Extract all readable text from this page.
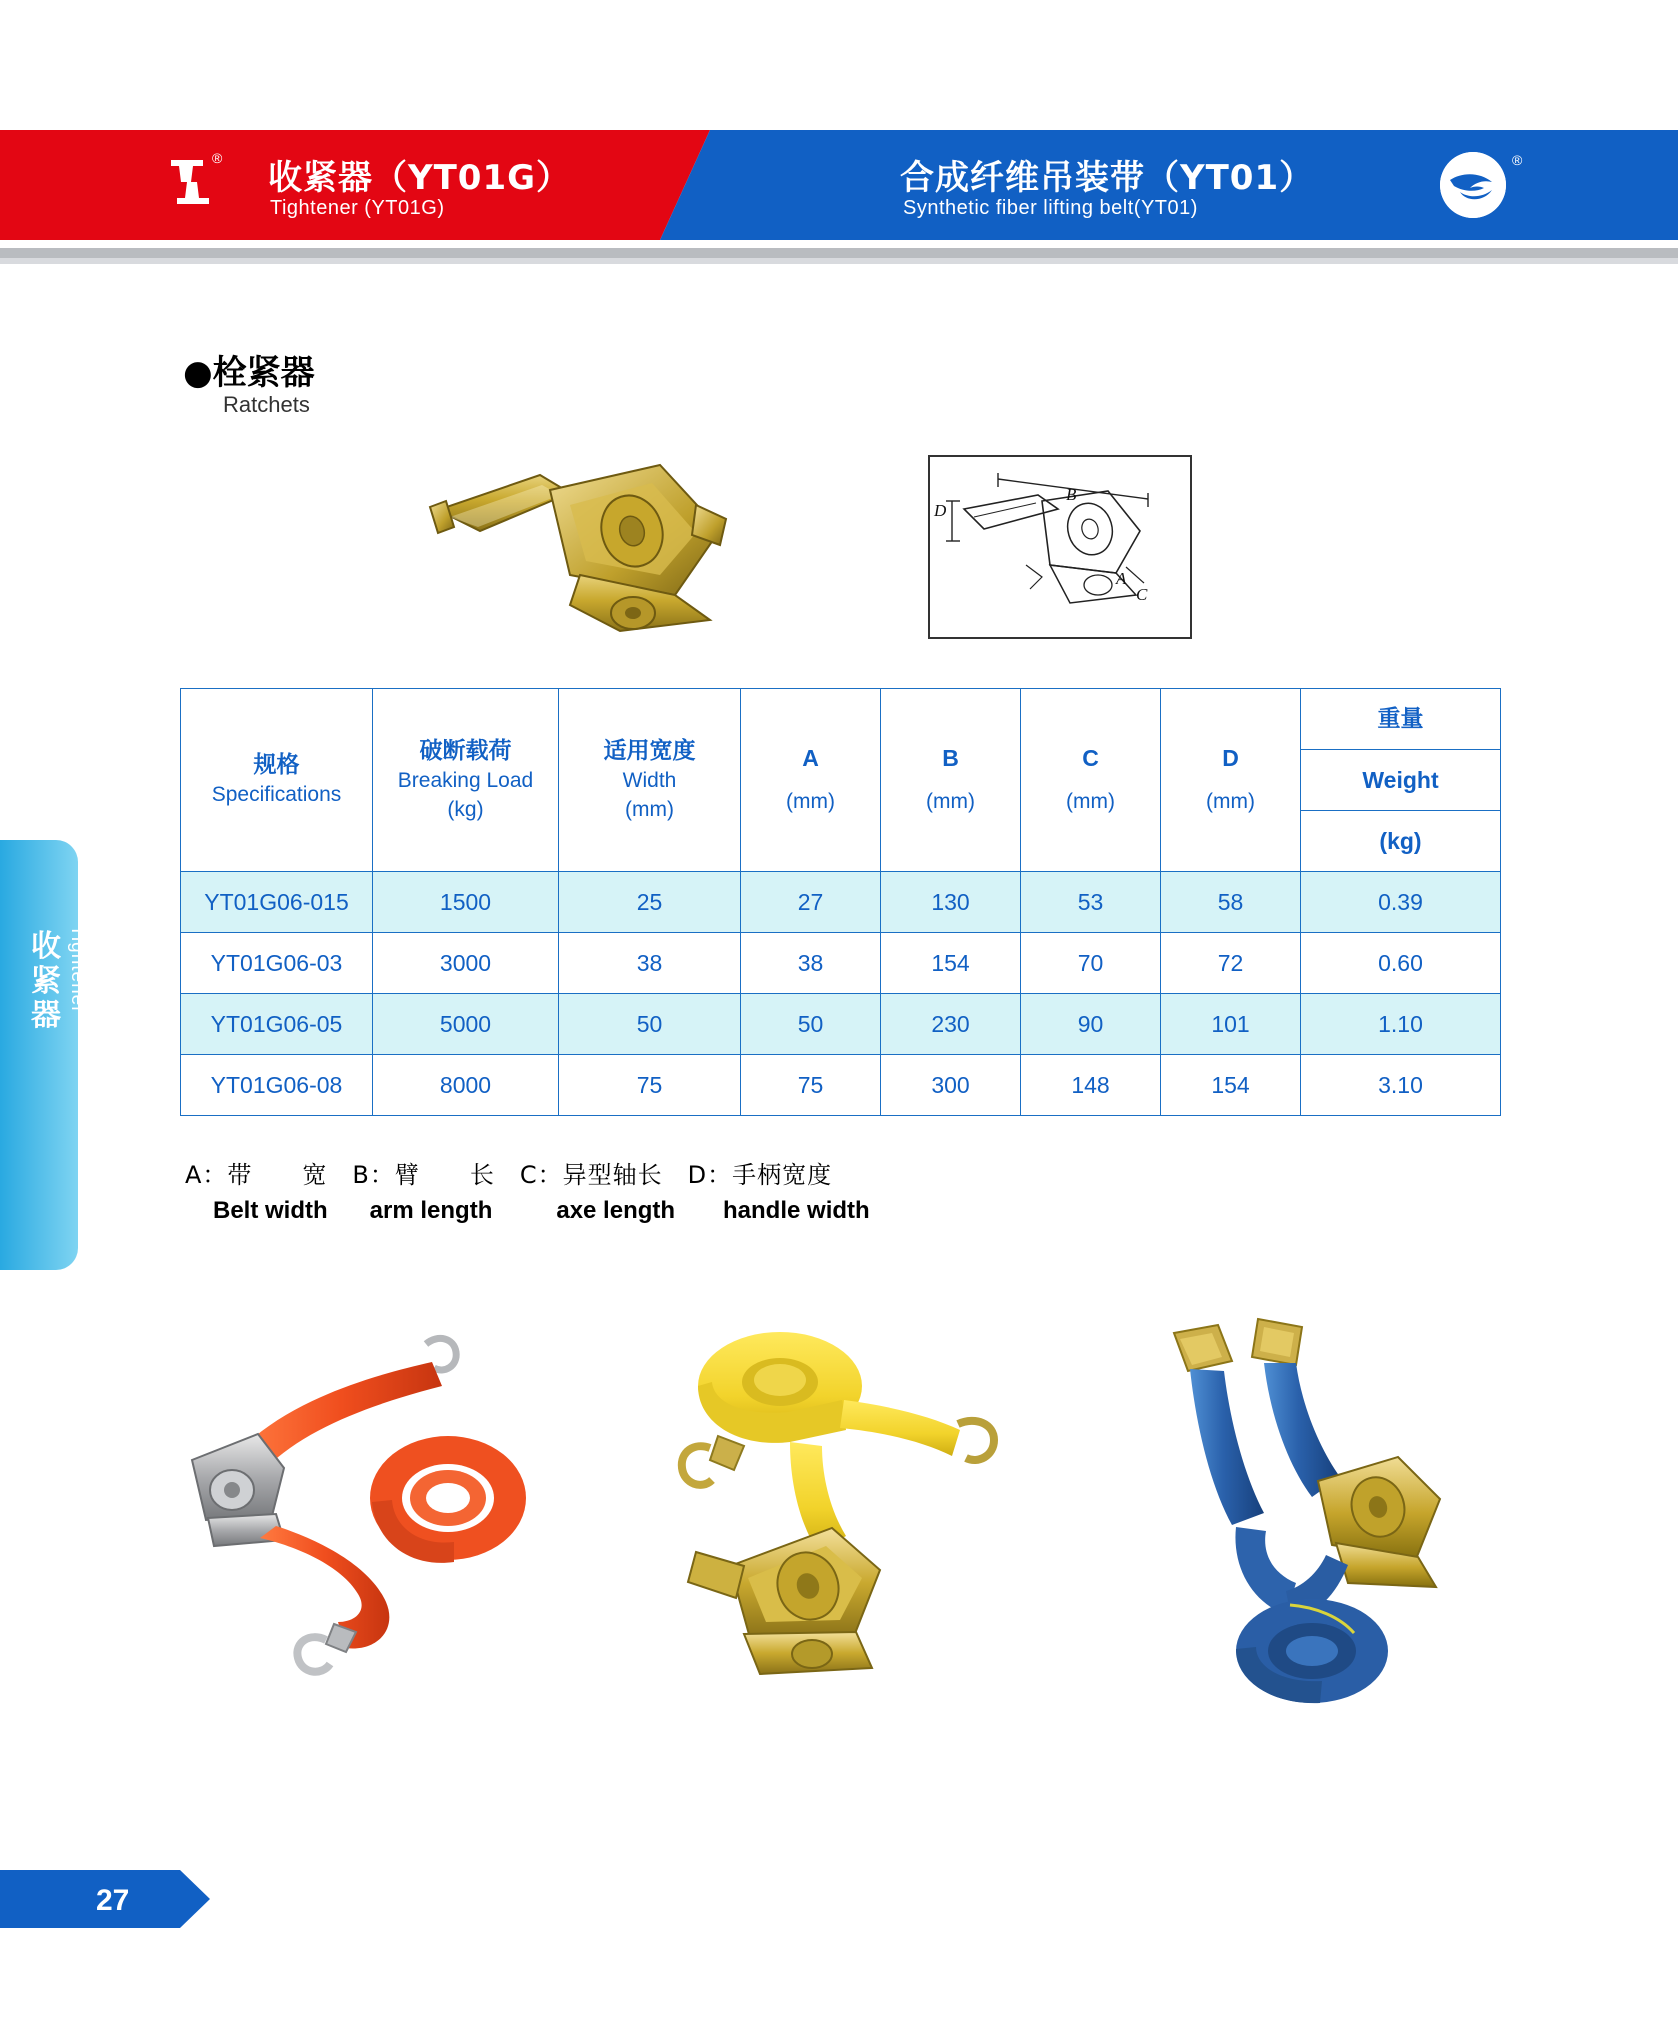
® 收紧器（YT01G）
Tightener (YT01G)
合成纤维吊装带（YT01）
Synthetic fiber lifting belt(YT01)
®
●栓紧器
Ratchets
B
D
A
C
规格
Specifications

破断载荷
Breaking Load
(kg)

适用宽度
Width
(mm)

A
(mm)

B
(mm)

C
(mm)

D
(mm)

重量
Weight
(kg)

YT01G06-015	1500	25	27	130	53	58	0.39
YT01G06-03	3000	38	38	154	70	72	0.60
YT01G06-05	5000	50	50	230	90	101	1.10
YT01G06-08	8000	75	75	300	148	154	3.10
A：带　　宽　B：臂　　长　C：异型轴长　D：手柄宽度
Belt width arm length	axe length handle width
收紧器
Tightener
27
